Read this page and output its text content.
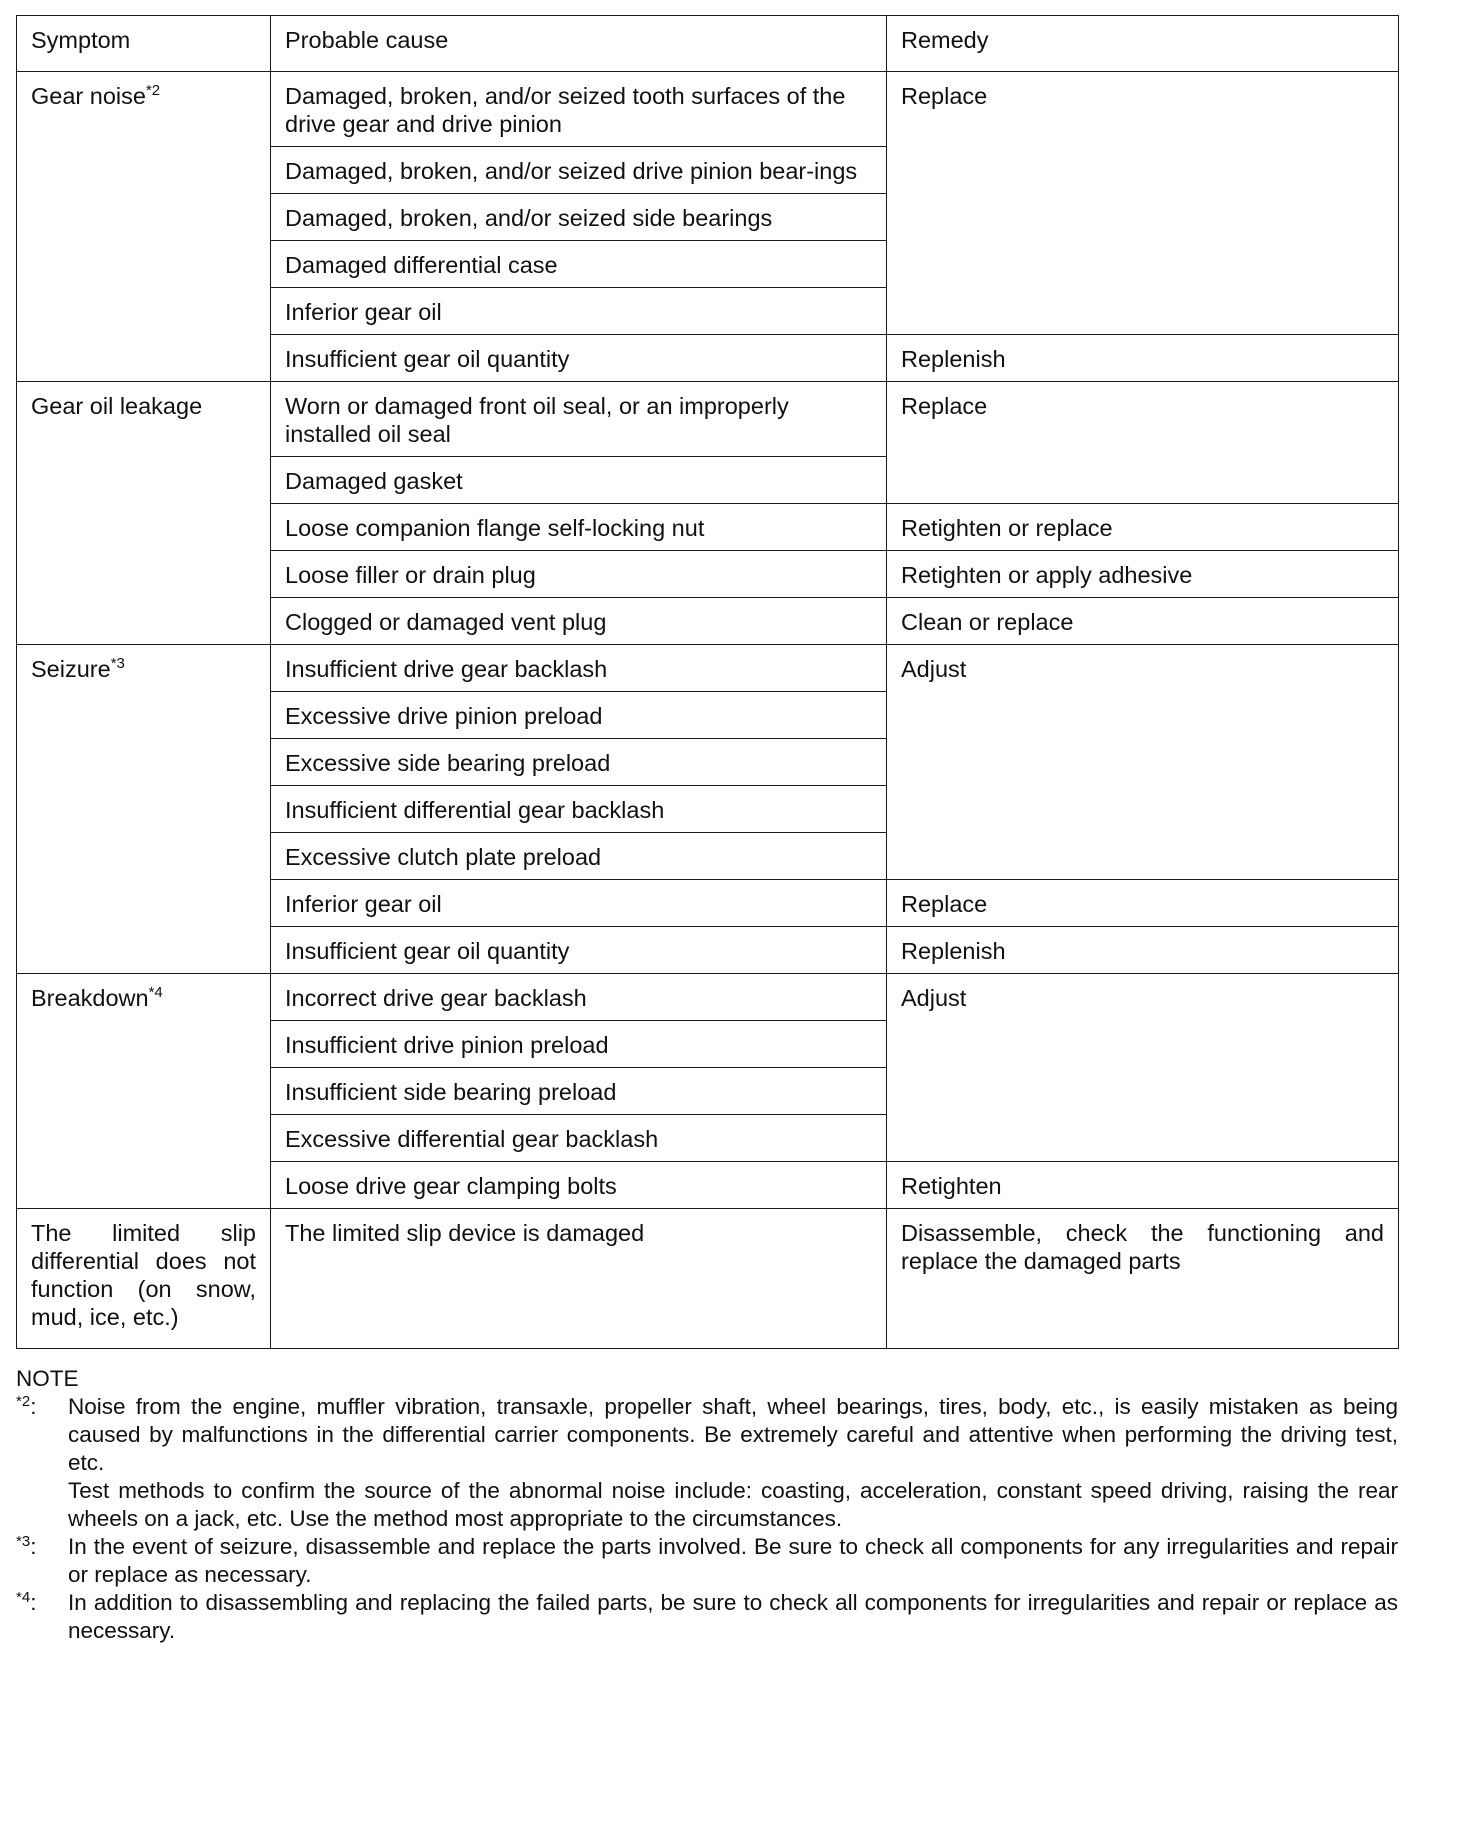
Symptom	Probable cause	Remedy
Gear noise$^{*2}$	Damaged, broken, and/or seized tooth surfaces of the drive gear and drive pinion	Replace
	Damaged, broken, and/or seized drive pinion bear-ings	
	Damaged, broken, and/or seized side bearings	
	Damaged differential case	
	Inferior gear oil	
	Insufficient gear oil quantity	Replenish
Gear oil leakage	Worn or damaged front oil seal, or an improperly installed oil seal	Replace
	Damaged gasket	
	Loose companion flange self-locking nut	Retighten or replace
	Loose filler or drain plug	Retighten or apply adhesive
	Clogged or damaged vent plug	Clean or replace
Seizure$^{*3}$	Insufficient drive gear backlash	Adjust
	Excessive drive pinion preload	
	Excessive side bearing preload	
	Insufficient differential gear backlash	
	Excessive clutch plate preload	
	Inferior gear oil	Replace
	Insufficient gear oil quantity	Replenish
Breakdown$^{*4}$	Incorrect drive gear backlash	Adjust
	Insufficient drive pinion preload	
	Insufficient side bearing preload	
	Excessive differential gear backlash	
	Loose drive gear clamping bolts	Retighten
The limited slip differential does not function (on snow, mud, ice, etc.)	The limited slip device is damaged	Disassemble, check the functioning and replace the damaged parts
NOTE
$^{*2}$:	Noise from the engine, muffler vibration, transaxle, propeller shaft, wheel bearings, tires, body, etc., is easily mistaken as being caused by malfunctions in the differential carrier components. Be extremely careful and attentive when performing the driving test, etc.

Test methods to confirm the source of the abnormal noise include: coasting, acceleration, constant speed driving, raising the rear wheels on a jack, etc. Use the method most appropriate to the circumstances.

$^{*3}$:	In the event of seizure, disassemble and replace the parts involved. Be sure to check all components for any irregularities and repair or replace as necessary.

$^{*4}$:	In addition to disassembling and replacing the failed parts, be sure to check all components for irregularities and repair or replace as necessary.
